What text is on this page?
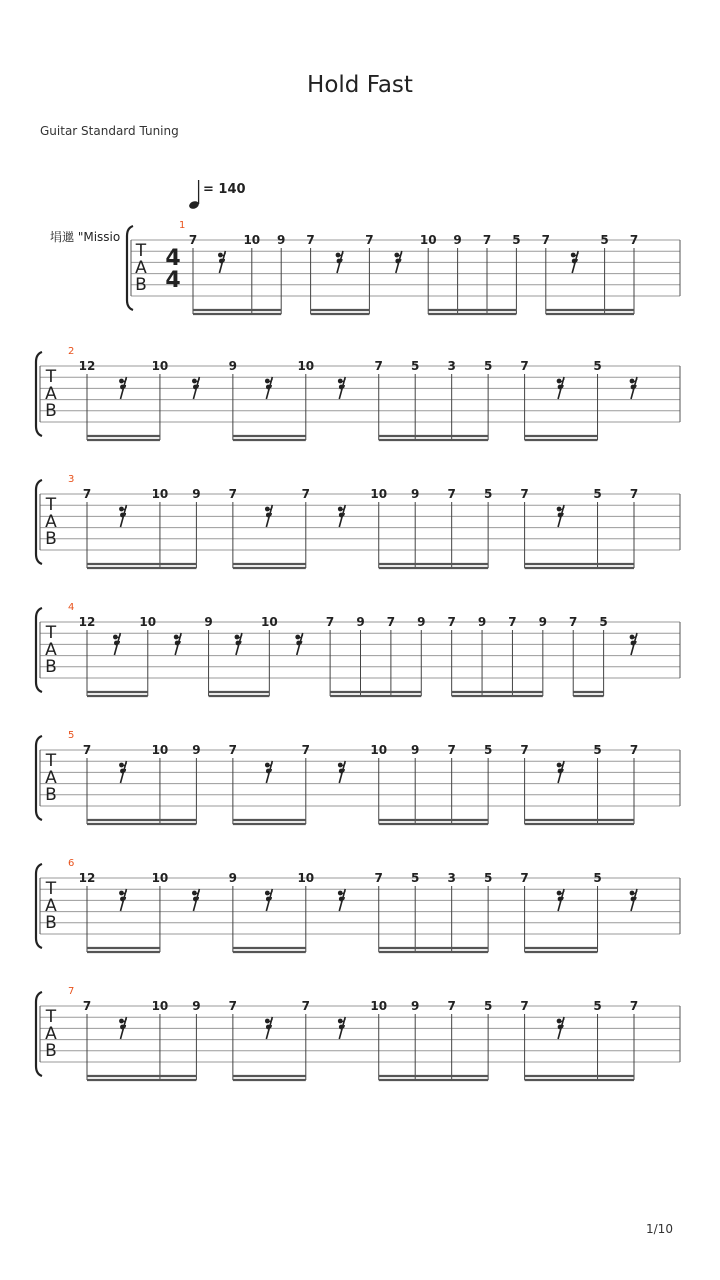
Hold Fast
Guitar Standard Tuning
= 140
埍邋 "Missio
T
A
B
4
4
1
7	10 9 7	7	10 9 7 5 7	5 7
T
A
B
2
12	10	9	10	7 5 3 5 7	5
T
A
B
3
7	10 9 7	7	10 9 7 5 7	5 7
T
A
B
4
12	10	9	10	7 9 7 9 7 9 7 9 7 5
T
A
B
5
7	10 9 7	7	10 9 7 5 7	5 7
T
A
B
6
12	10	9	10	7 5 3 5 7	5
T
A
B
7
7	10 9 7	7	10 9 7 5 7	5 7
1/10
